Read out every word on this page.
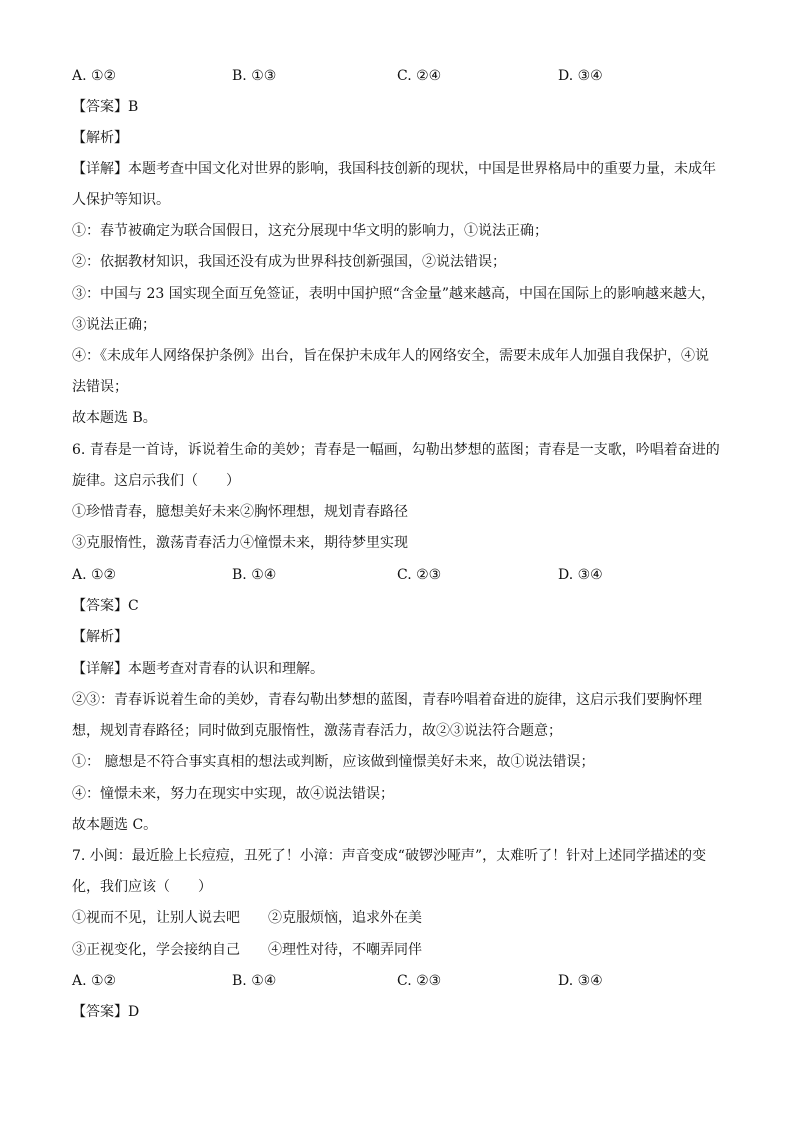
A. ①②	B. ①③	C. ②④	D. ③④
【答案】B
【解析】
【详解】本题考查中国文化对世界的影响，我国科技创新的现状，中国是世界格局中的重要力量，未成年
人保护等知识。
①：春节被确定为联合国假日，这充分展现中华文明的影响力，①说法正确；
②：依据教材知识，我国还没有成为世界科技创新强国，②说法错误；
③：中国与 23 国实现全面互免签证，表明中国护照“含金量”越来越高，中国在国际上的影响越来越大，
③说法正确；
④：《未成年人网络保护条例》出台，旨在保护未成年人的网络安全，需要未成年人加强自我保护，④说
法错误；
故本题选 B。
6. 青春是一首诗，诉说着生命的美妙；青春是一幅画，勾勒出梦想的蓝图；青春是一支歌，吟唱着奋进的
旋律。这启示我们（　　）
①珍惜青春，臆想美好未来②胸怀理想，规划青春路径
③克服惰性，激荡青春活力④憧憬未来，期待梦里实现
A. ①②	B. ①④	C. ②③	D. ③④
【答案】C
【解析】
【详解】本题考查对青春的认识和理解。
②③：青春诉说着生命的美妙，青春勾勒出梦想的蓝图，青春吟唱着奋进的旋律，这启示我们要胸怀理
想，规划青春路径；同时做到克服惰性，激荡青春活力，故②③说法符合题意；
①： 臆想是不符合事实真相的想法或判断，应该做到憧憬美好未来，故①说法错误；
④：憧憬未来，努力在现实中实现，故④说法错误；
故本题选 C。
7. 小闽：最近脸上长痘痘，丑死了！小漳：声音变成“破锣沙哑声”，太难听了！针对上述同学描述的变
化，我们应该（　　）
①视而不见，让别人说去吧　　②克服烦恼，追求外在美
③正视变化，学会接纳自己　　④理性对待，不嘲弄同伴
A. ①②	B. ①④	C. ②③	D. ③④
【答案】D
